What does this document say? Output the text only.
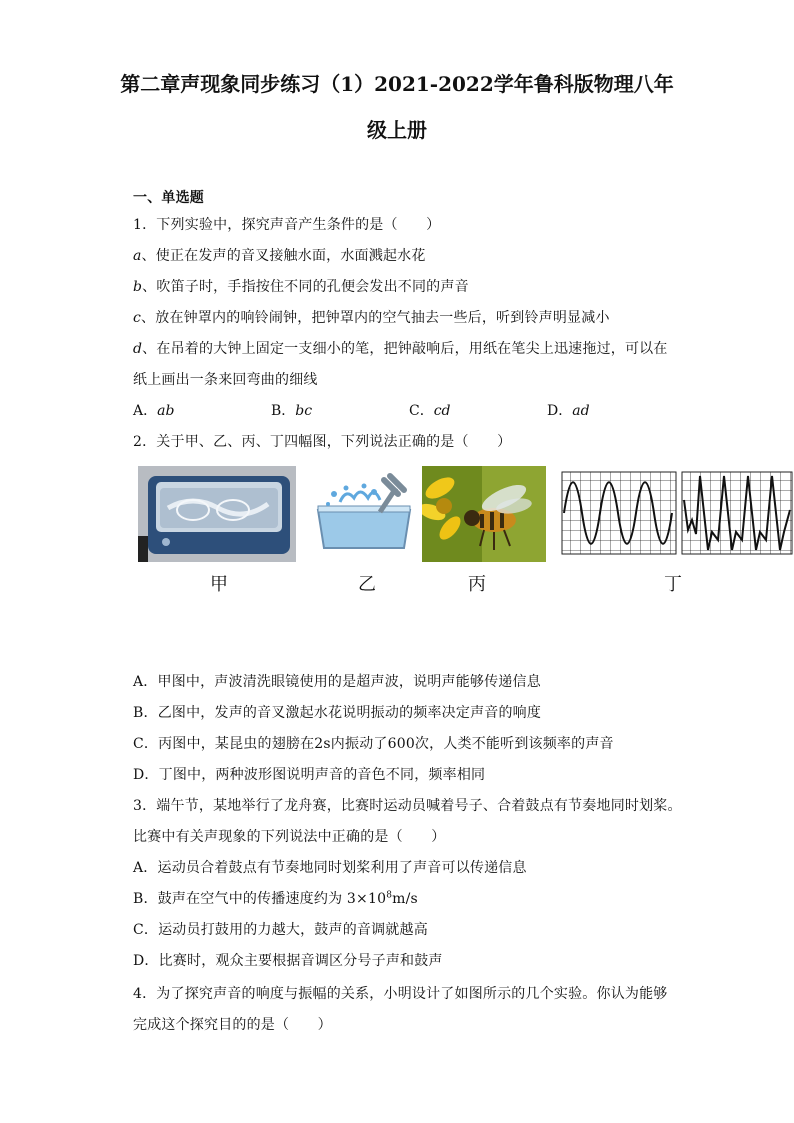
第二章声现象同步练习（1）2021-2022学年鲁科版物理八年
级上册
一、单选题
1．下列实验中，探究声音产生条件的是（　　）
a、使正在发声的音叉接触水面，水面溅起水花
b、吹笛子时，手指按住不同的孔便会发出不同的声音
c、放在钟罩内的响铃闹钟，把钟罩内的空气抽去一些后，听到铃声明显减小
d、在吊着的大钟上固定一支细小的笔，把钟敲响后，用纸在笔尖上迅速拖过，可以在
纸上画出一条来回弯曲的细线
A．ab	B．bc	C．cd	D．ad
2．关于甲、乙、丙、丁四幅图，下列说法正确的是（　　）
甲	乙	丙	丁
A．甲图中，声波清洗眼镜使用的是超声波，说明声能够传递信息
B．乙图中，发声的音叉激起水花说明振动的频率决定声音的响度
C．丙图中，某昆虫的翅膀在2s内振动了600次，人类不能听到该频率的声音
D．丁图中，两种波形图说明声音的音色不同，频率相同
3．端午节，某地举行了龙舟赛，比赛时运动员喊着号子、合着鼓点有节奏地同时划桨。
比赛中有关声现象的下列说法中正确的是（　　）
A．运动员合着鼓点有节奏地同时划桨利用了声音可以传递信息
B．鼓声在空气中的传播速度约为 $3\times 10^8m/s$
C．运动员打鼓用的力越大，鼓声的音调就越高
D．比赛时，观众主要根据音调区分号子声和鼓声
4．为了探究声音的响度与振幅的关系，小明设计了如图所示的几个实验。你认为能够
完成这个探究目的的是（　　）
